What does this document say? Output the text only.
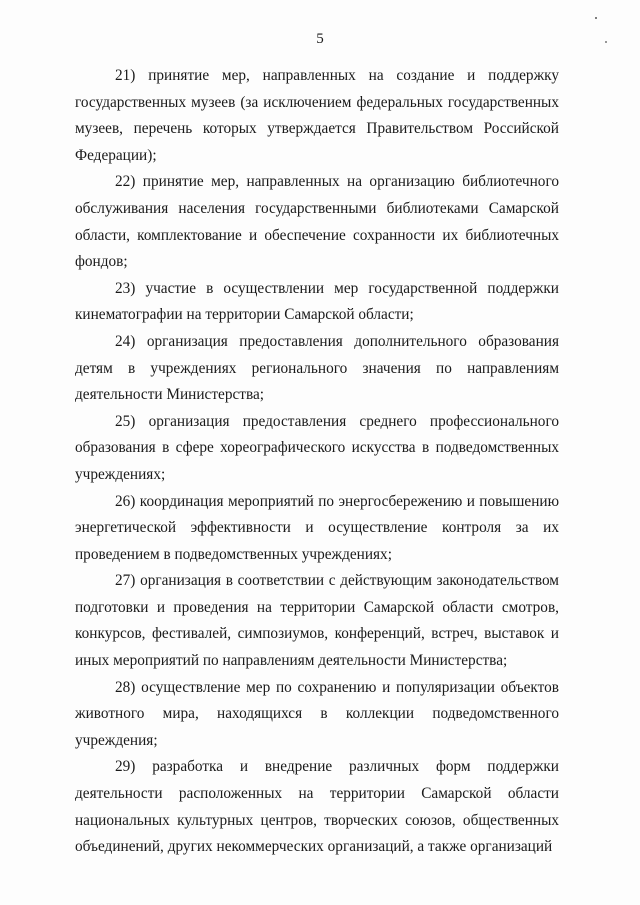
5

21) принятие мер, направленных на создание и поддержку государственных музеев (за исключением федеральных государственных музеев, перечень которых утверждается Правительством Российской Федерации);

22) принятие мер, направленных на организацию библиотечного обслуживания населения государственными библиотеками Самарской области, комплектование и обеспечение сохранности их библиотечных фондов;

23) участие в осуществлении мер государственной поддержки кинематографии на территории Самарской области;

24) организация предоставления дополнительного образования детям в учреждениях регионального значения по направлениям деятельности Министерства;

25) организация предоставления среднего профессионального образования в сфере хореографического искусства в подведомственных учреждениях;

26) координация мероприятий по энергосбережению и повышению энергетической эффективности и осуществление контроля за их проведением в подведомственных учреждениях;

27) организация в соответствии с действующим законодательством подготовки и проведения на территории Самарской области смотров, конкурсов, фестивалей, симпозиумов, конференций, встреч, выставок и иных мероприятий по направлениям деятельности Министерства;

28) осуществление мер по сохранению и популяризации объектов животного мира, находящихся в коллекции подведомственного учреждения;

29) разработка и внедрение различных форм поддержки деятельности расположенных на территории Самарской области национальных культурных центров, творческих союзов, общественных объединений, других некоммерческих организаций, а также организаций
